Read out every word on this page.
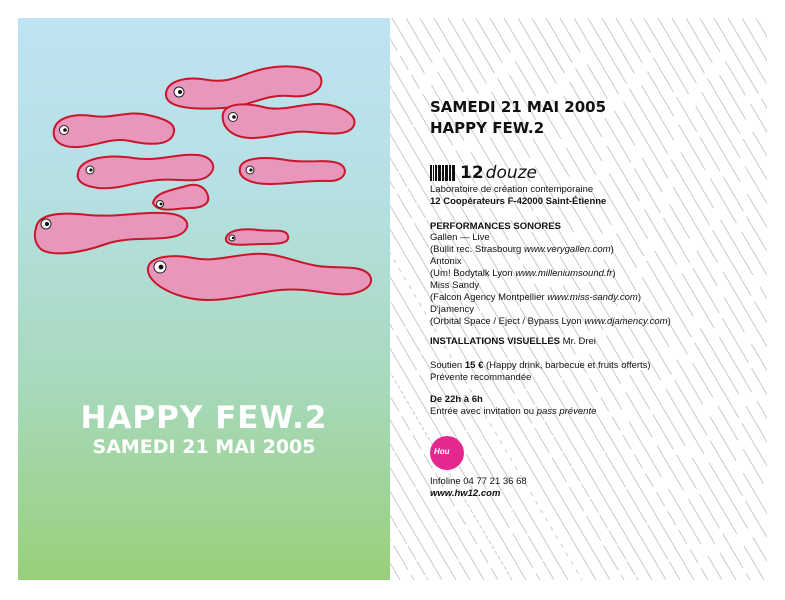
HAPPY FEW.2
SAMEDI 21 MAI 2005
SAMEDI 21 MAI 2005
HAPPY FEW.2
12 douze
Laboratoire de création contemporaine
12 Coopérateurs F-42000 Saint-Étienne
PERFORMANCES SONORES
Gallen — Live
(Bullit rec. Strasbourg www.verygallen.com)
Antonix
(Um! Bodytalk Lyon www.milleniumsound.fr)
Miss Sandy
(Falcon Agency Montpellier www.miss-sandy.com)
D'jamency
(Orbital Space / Eject / Bypass Lyon www.djamency.com)
INSTALLATIONS VISUELLES Mr. Drei
Soutien 15 € (Happy drink, barbecue et fruits offerts)
Prévente recommandée
De 22h à 6h
Entrée avec invitation ou pass prévente
Infoline 04 77 21 36 68
www.hw12.com
Hou
